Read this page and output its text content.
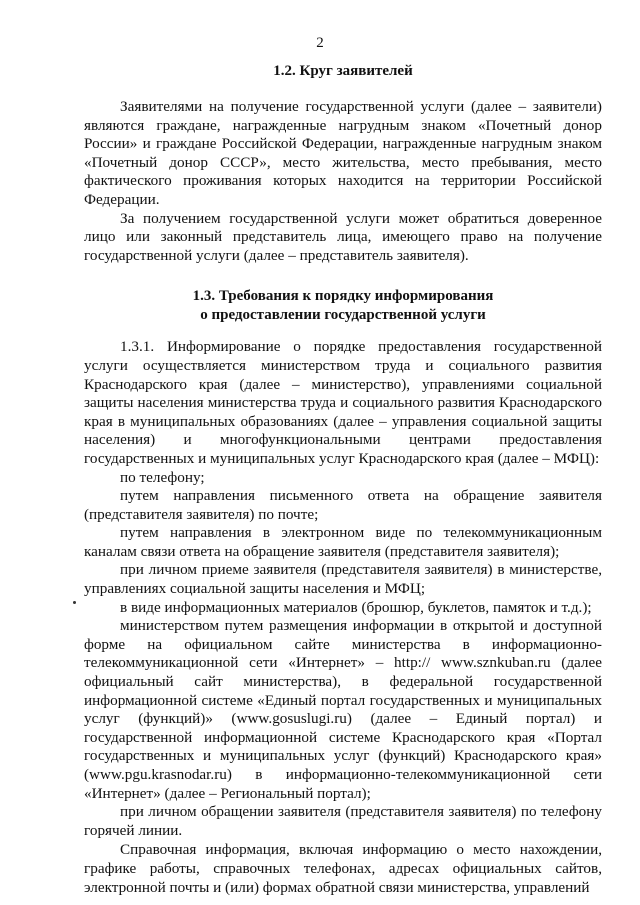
2
1.2. Круг заявителей

Заявителями на получение государственной услуги (далее – заявители) являются граждане, награжденные нагрудным знаком «Почетный донор России» и граждане Российской Федерации, награжденные нагрудным знаком «Почетный донор СССР», место жительства, место пребывания, место фактического проживания которых находится на территории Российской Федерации.

За получением государственной услуги может обратиться доверенное лицо или законный представитель лица, имеющего право на получение государственной услуги (далее – представитель заявителя).

1.3. Требования к порядку информирования
о предоставлении государственной услуги

1.3.1. Информирование о порядке предоставления государственной услуги осуществляется министерством труда и социального развития Краснодарского края (далее – министерство), управлениями социальной защиты населения министерства труда и социального развития Краснодарского края в муниципальных образованиях (далее – управления социальной защиты населения) и многофункциональными центрами предоставления государственных и муниципальных услуг Краснодарского края (далее – МФЦ):

по телефону;

путем направления письменного ответа на обращение заявителя (представителя заявителя) по почте;

путем направления в электронном виде по телекоммуникационным каналам связи ответа на обращение заявителя (представителя заявителя);

при личном приеме заявителя (представителя заявителя) в министерстве, управлениях социальной защиты населения и МФЦ;

в виде информационных материалов (брошюр, буклетов, памяток и т.д.);

министерством путем размещения информации в открытой и доступной форме на официальном сайте министерства в информационно-телекоммуникационной сети «Интернет» – http:// www.sznkuban.ru (далее официальный сайт министерства), в федеральной государственной информационной системе «Единый портал государственных и муниципальных услуг (функций)» (www.gosuslugi.ru) (далее – Единый портал) и государственной информационной системе Краснодарского края «Портал государственных и муниципальных услуг (функций) Краснодарского края» (www.pgu.krasnodar.ru) в информационно-телекоммуникационной сети «Интернет» (далее – Региональный портал);

при личном обращении заявителя (представителя заявителя) по телефону горячей линии.

Справочная информация, включая информацию о место нахождении, графике работы, справочных телефонах, адресах официальных сайтов, электронной почты и (или) формах обратной связи министерства, управлений
